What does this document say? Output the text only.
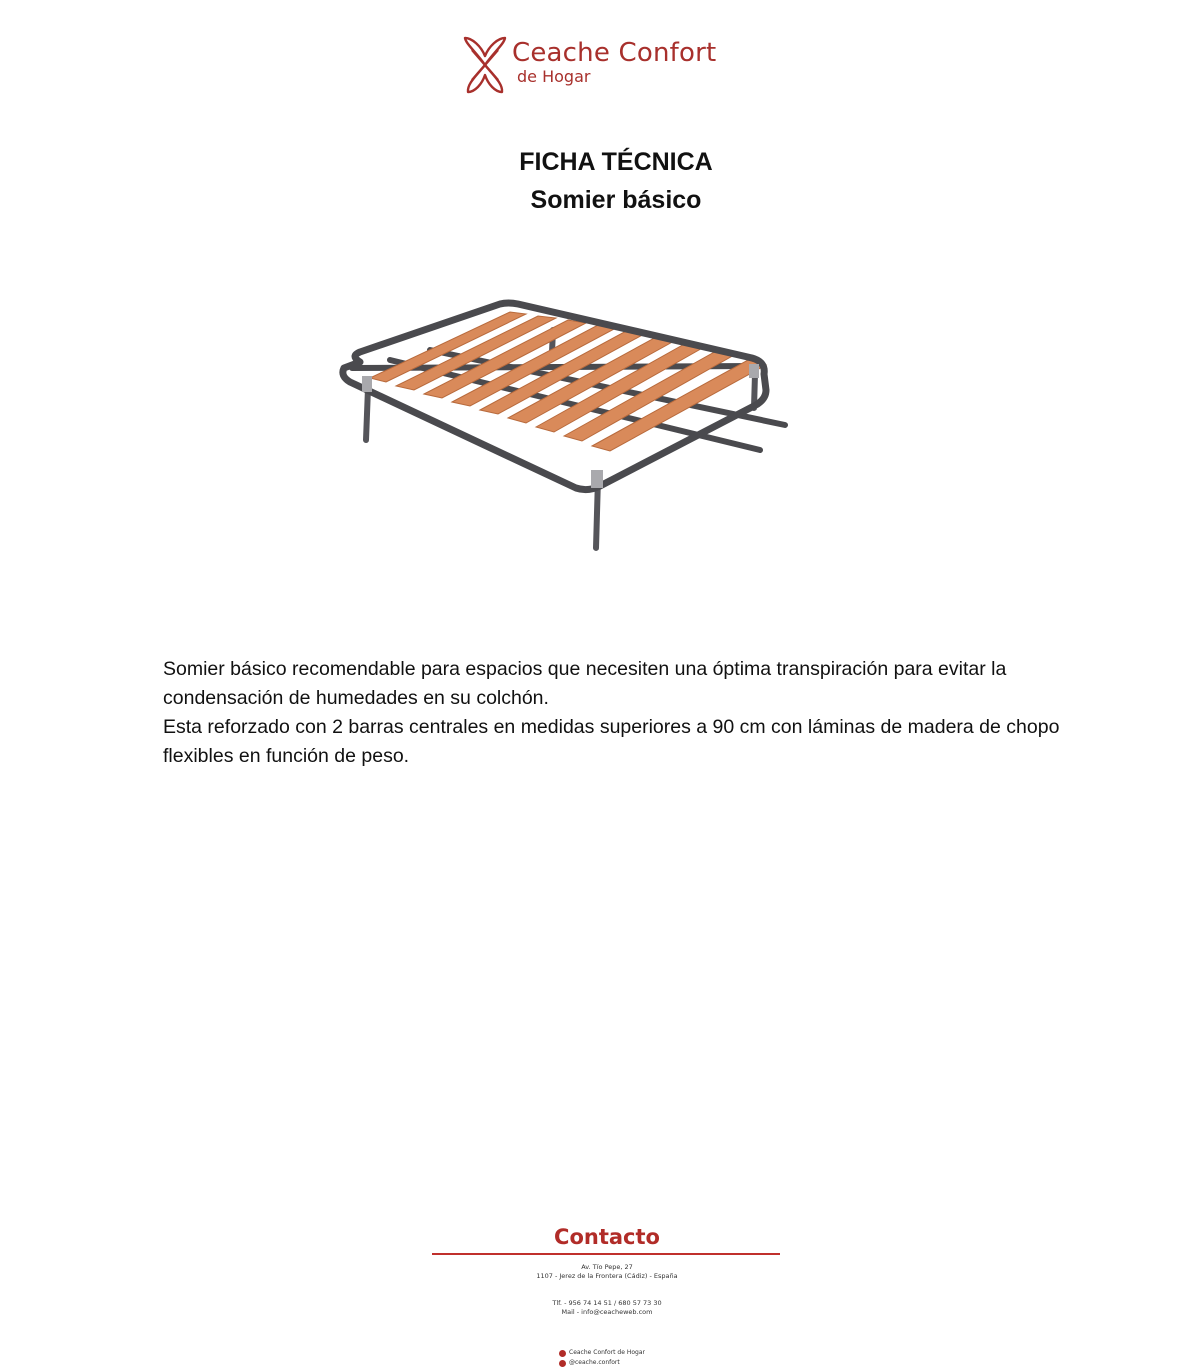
Ceache Confort
de Hogar
FICHA TÉCNICA
Somier básico

Somier básico recomendable para espacios que necesiten una óptima transpiración para evitar la condensación de humedades en su colchón.

Esta reforzado con 2 barras centrales en medidas superiores a 90 cm con láminas de madera de chopo flexibles en función de peso.

Contacto
Av. Tío Pepe, 27
1107 - Jerez de la Frontera (Cádiz) - España
Tlf. - 956 74 14 51 / 680 57 73 30
Mail - info@ceacheweb.com
Ceache Confort de Hogar
@ceache.confort
